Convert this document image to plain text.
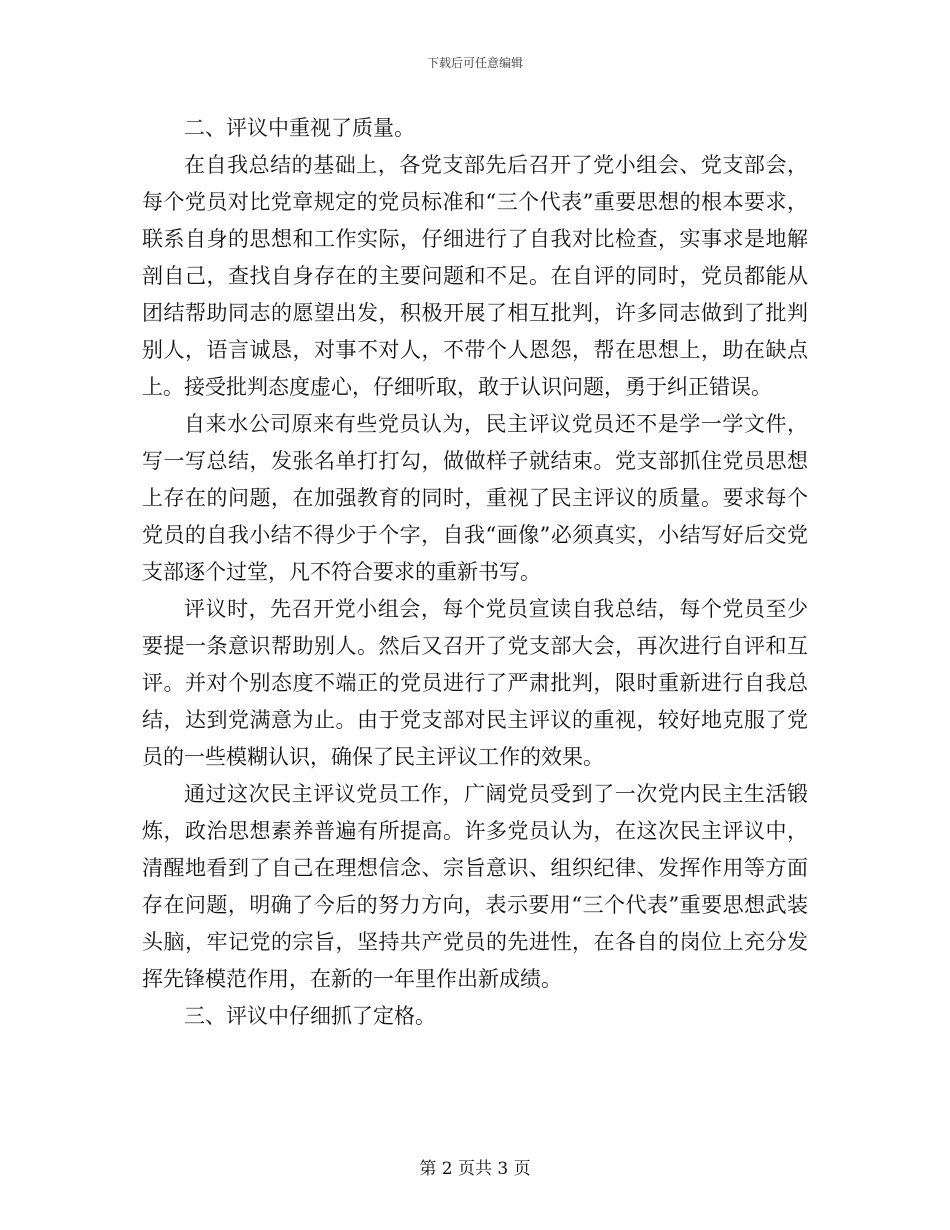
下载后可任意编辑

二、评议中重视了质量。

在自我总结的基础上，各党支部先后召开了党小组会、党支部会，每个党员对比党章规定的党员标准和“三个代表”重要思想的根本要求，联系自身的思想和工作实际，仔细进行了自我对比检查，实事求是地解剖自己，查找自身存在的主要问题和不足。在自评的同时，党员都能从团结帮助同志的愿望出发，积极开展了相互批判，许多同志做到了批判别人，语言诚恳，对事不对人，不带个人恩怨，帮在思想上，助在缺点上。接受批判态度虚心，仔细听取，敢于认识问题，勇于纠正错误。

自来水公司原来有些党员认为，民主评议党员还不是学一学文件，写一写总结，发张名单打打勾，做做样子就结束。党支部抓住党员思想上存在的问题，在加强教育的同时，重视了民主评议的质量。要求每个党员的自我小结不得少于个字，自我“画像”必须真实，小结写好后交党支部逐个过堂，凡不符合要求的重新书写。

评议时，先召开党小组会，每个党员宣读自我总结，每个党员至少要提一条意识帮助别人。然后又召开了党支部大会，再次进行自评和互评。并对个别态度不端正的党员进行了严肃批判，限时重新进行自我总结，达到党满意为止。由于党支部对民主评议的重视，较好地克服了党员的一些模糊认识，确保了民主评议工作的效果。

通过这次民主评议党员工作，广阔党员受到了一次党内民主生活锻炼，政治思想素养普遍有所提高。许多党员认为，在这次民主评议中，清醒地看到了自己在理想信念、宗旨意识、组织纪律、发挥作用等方面存在问题，明确了今后的努力方向，表示要用“三个代表”重要思想武装头脑，牢记党的宗旨，坚持共产党员的先进性，在各自的岗位上充分发挥先锋模范作用，在新的一年里作出新成绩。

三、评议中仔细抓了定格。

第 2 页共 3 页
